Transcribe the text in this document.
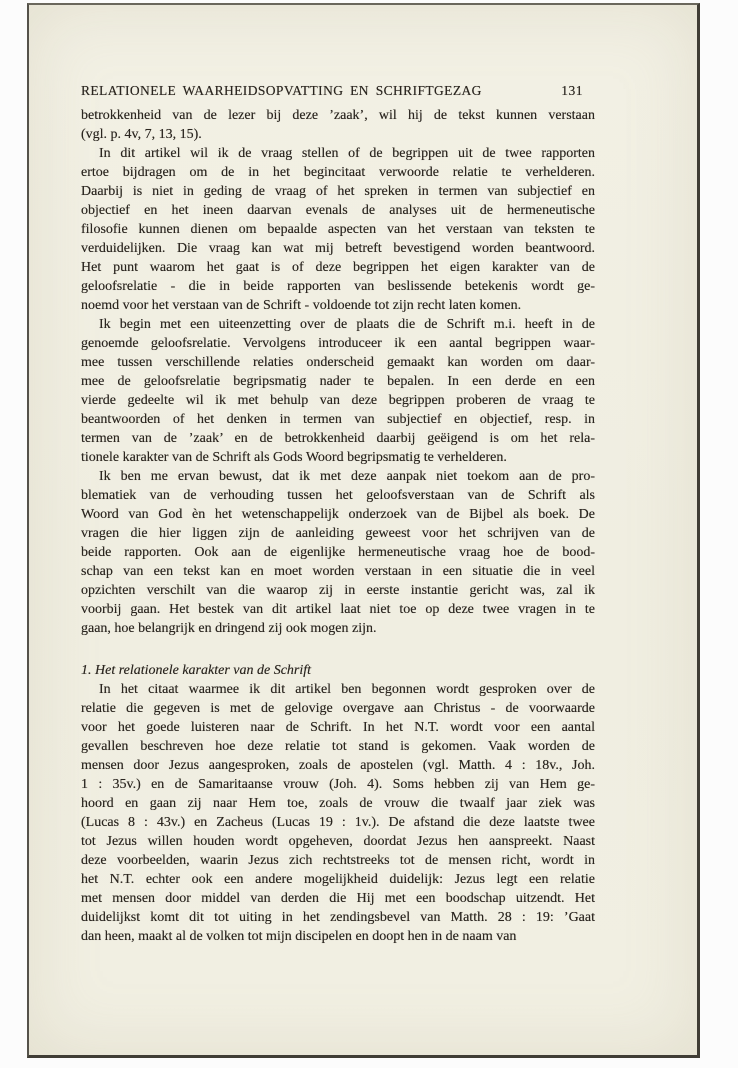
RELATIONELE WAARHEIDSOPVATTING EN SCHRIFTGEZAG	131
betrokkenheid van de lezer bij deze ’zaak’, wil hij de tekst kunnen verstaan
(vgl. p. 4v, 7, 13, 15).
In dit artikel wil ik de vraag stellen of de begrippen uit de twee rapporten
ertoe bijdragen om de in het begincitaat verwoorde relatie te verhelderen.
Daarbij is niet in geding de vraag of het spreken in termen van subjectief en
objectief en het ineen daarvan evenals de analyses uit de hermeneutische
filosofie kunnen dienen om bepaalde aspecten van het verstaan van teksten te
verduidelijken. Die vraag kan wat mij betreft bevestigend worden beantwoord.
Het punt waarom het gaat is of deze begrippen het eigen karakter van de
geloofsrelatie - die in beide rapporten van beslissende betekenis wordt ge-
noemd voor het verstaan van de Schrift - voldoende tot zijn recht laten komen.
Ik begin met een uiteenzetting over de plaats die de Schrift m.i. heeft in de
genoemde geloofsrelatie. Vervolgens introduceer ik een aantal begrippen waar-
mee tussen verschillende relaties onderscheid gemaakt kan worden om daar-
mee de geloofsrelatie begripsmatig nader te bepalen. In een derde en een
vierde gedeelte wil ik met behulp van deze begrippen proberen de vraag te
beantwoorden of het denken in termen van subjectief en objectief, resp. in
termen van de ’zaak’ en de betrokkenheid daarbij geëigend is om het rela-
tionele karakter van de Schrift als Gods Woord begripsmatig te verhelderen.
Ik ben me ervan bewust, dat ik met deze aanpak niet toekom aan de pro-
blematiek van de verhouding tussen het geloofsverstaan van de Schrift als
Woord van God èn het wetenschappelijk onderzoek van de Bijbel als boek. De
vragen die hier liggen zijn de aanleiding geweest voor het schrijven van de
beide rapporten. Ook aan de eigenlijke hermeneutische vraag hoe de bood-
schap van een tekst kan en moet worden verstaan in een situatie die in veel
opzichten verschilt van die waarop zij in eerste instantie gericht was, zal ik
voorbij gaan. Het bestek van dit artikel laat niet toe op deze twee vragen in te
gaan, hoe belangrijk en dringend zij ook mogen zijn.
1. Het relationele karakter van de Schrift
In het citaat waarmee ik dit artikel ben begonnen wordt gesproken over de
relatie die gegeven is met de gelovige overgave aan Christus - de voorwaarde
voor het goede luisteren naar de Schrift. In het N.T. wordt voor een aantal
gevallen beschreven hoe deze relatie tot stand is gekomen. Vaak worden de
mensen door Jezus aangesproken, zoals de apostelen (vgl. Matth. 4 : 18v., Joh.
1 : 35v.) en de Samaritaanse vrouw (Joh. 4). Soms hebben zij van Hem ge-
hoord en gaan zij naar Hem toe, zoals de vrouw die twaalf jaar ziek was
(Lucas 8 : 43v.) en Zacheus (Lucas 19 : 1v.). De afstand die deze laatste twee
tot Jezus willen houden wordt opgeheven, doordat Jezus hen aanspreekt. Naast
deze voorbeelden, waarin Jezus zich rechtstreeks tot de mensen richt, wordt in
het N.T. echter ook een andere mogelijkheid duidelijk: Jezus legt een relatie
met mensen door middel van derden die Hij met een boodschap uitzendt. Het
duidelijkst komt dit tot uiting in het zendingsbevel van Matth. 28 : 19: ’Gaat
dan heen, maakt al de volken tot mijn discipelen en doopt hen in de naam van
